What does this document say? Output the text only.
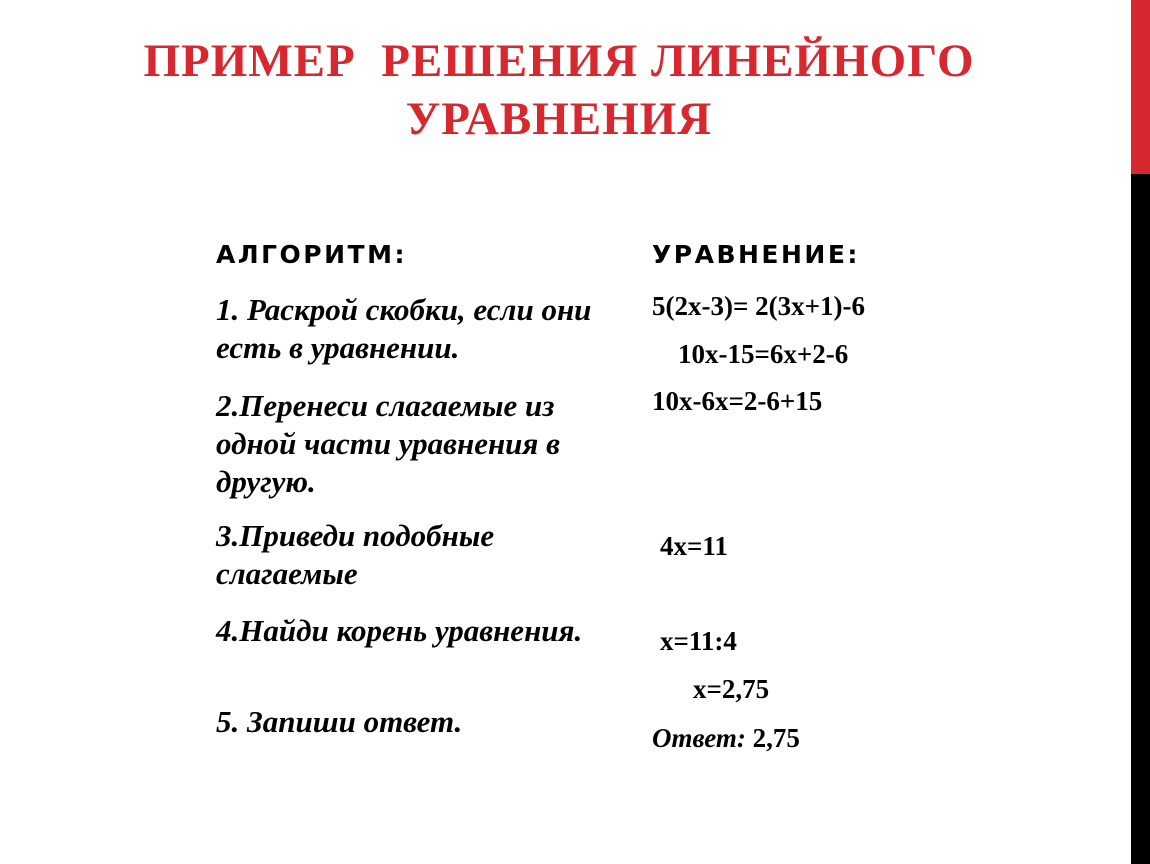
ПРИМЕР  РЕШЕНИЯ ЛИНЕЙНОГО
УРАВНЕНИЯ
АЛГОРИТМ:
1. Раскрой скобки, если они есть в уравнении.
2.Перенеси слагаемые из одной части уравнения в другую.
3.Приведи подобные слагаемые
4.Найди корень уравнения.
5. Запиши ответ.
УРАВНЕНИЕ:
5(2х-3)= 2(3х+1)-6
10х-15=6х+2-6
10х-6х=2-6+15
4х=11
х=11:4
х=2,75
Ответ: 2,75
